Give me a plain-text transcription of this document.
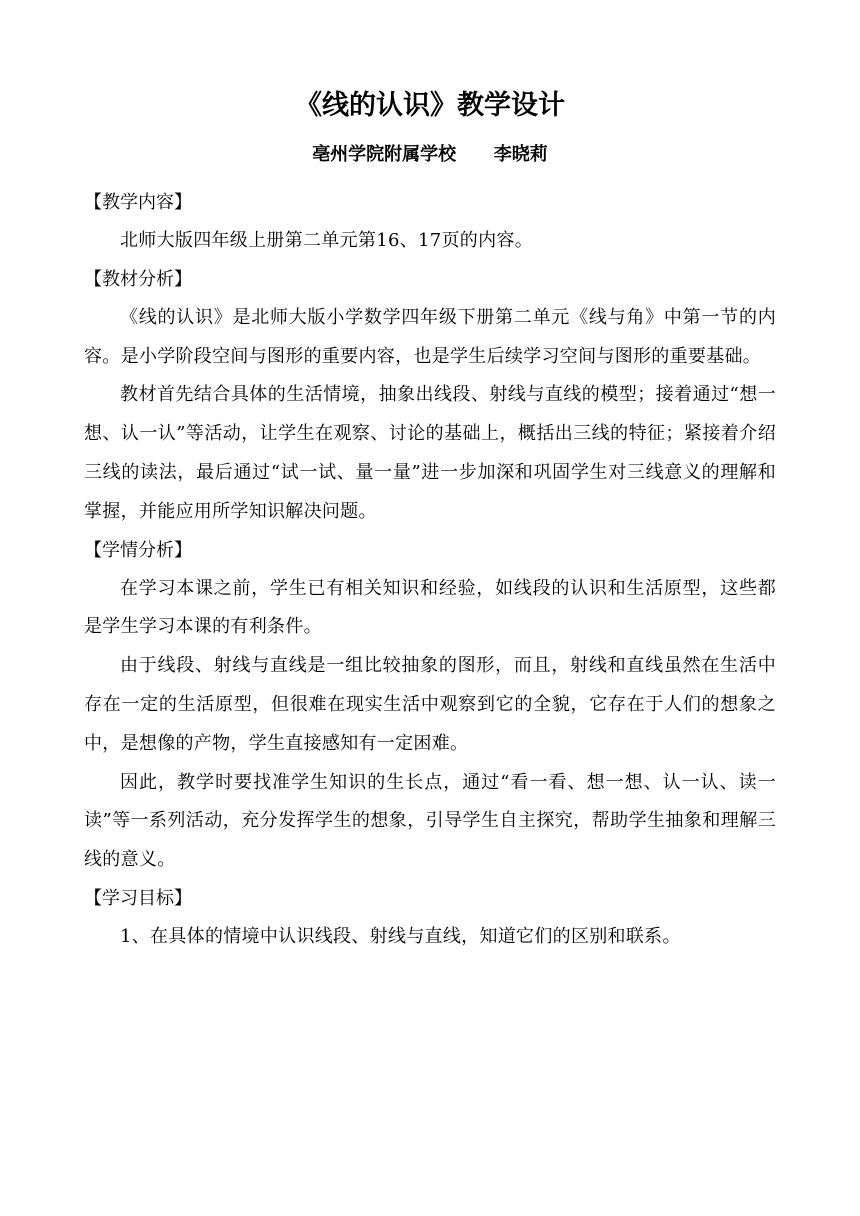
《线的认识》教学设计
亳州学院附属学校      李晓莉
【教学内容】

北师大版四年级上册第二单元第16、17页的内容。

【教材分析】

《线的认识》是北师大版小学数学四年级下册第二单元《线与角》中第一节的内容。是小学阶段空间与图形的重要内容，也是学生后续学习空间与图形的重要基础。

教材首先结合具体的生活情境，抽象出线段、射线与直线的模型；接着通过“想一想、认一认”等活动，让学生在观察、讨论的基础上，概括出三线的特征；紧接着介绍三线的读法，最后通过“试一试、量一量”进一步加深和巩固学生对三线意义的理解和掌握，并能应用所学知识解决问题。

【学情分析】

在学习本课之前，学生已有相关知识和经验，如线段的认识和生活原型，这些都是学生学习本课的有利条件。

由于线段、射线与直线是一组比较抽象的图形，而且，射线和直线虽然在生活中存在一定的生活原型，但很难在现实生活中观察到它的全貌，它存在于人们的想象之中，是想像的产物，学生直接感知有一定困难。

因此，教学时要找准学生知识的生长点，通过“看一看、想一想、认一认、读一读”等一系列活动，充分发挥学生的想象，引导学生自主探究，帮助学生抽象和理解三线的意义。

【学习目标】

1、在具体的情境中认识线段、射线与直线，知道它们的区别和联系。
